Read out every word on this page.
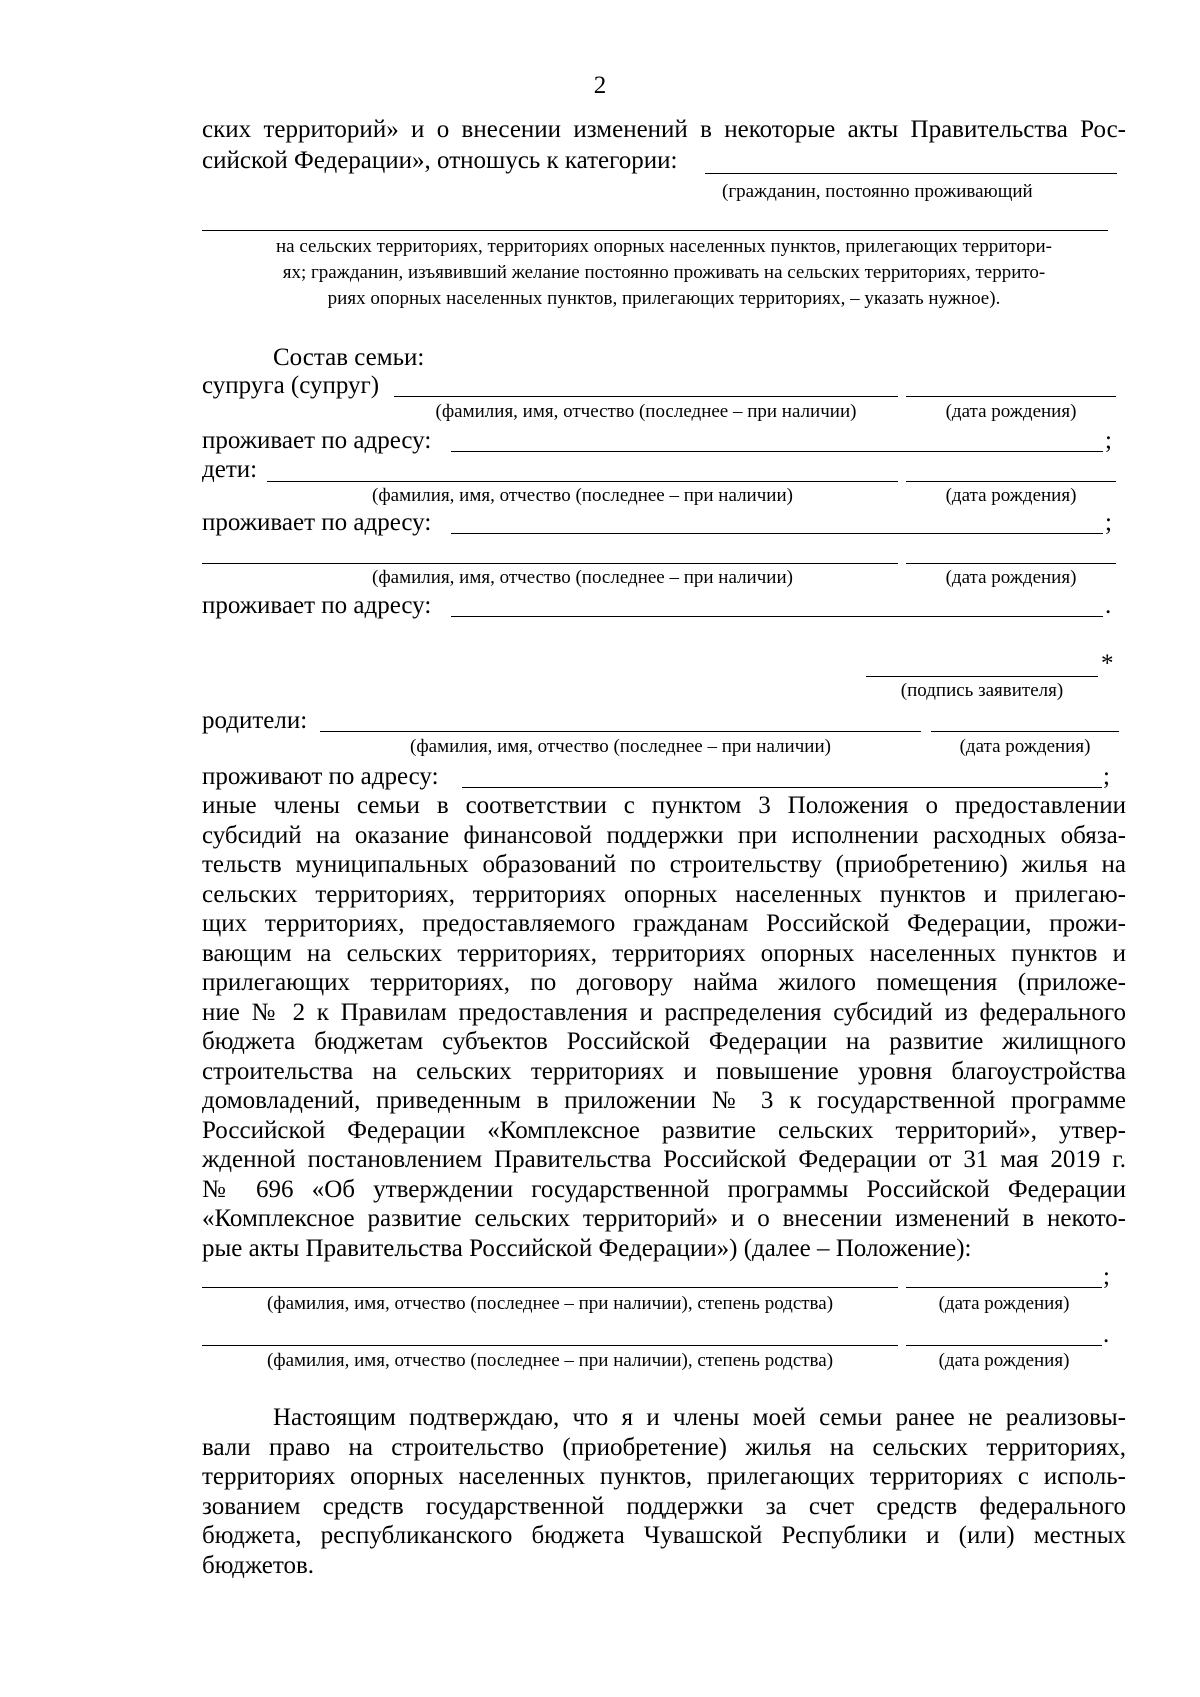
2
ских территорий» и о внесении изменений в некоторые акты Правительства Рос-
сийской Федерации», отношусь к категории:
(гражданин, постоянно проживающий
на сельских территориях, территориях опорных населенных пунктов, прилегающих территори-
ях; гражданин, изъявивший желание постоянно проживать на сельских территориях, террито-
риях опорных населенных пунктов, прилегающих территориях, – указать нужное).
Состав семьи:
супруга (супруг)
(фамилия, имя, отчество (последнее – при наличии)	(дата рождения)
проживает по адресу:	;
дети:
(фамилия, имя, отчество (последнее – при наличии)	(дата рождения)
проживает по адресу:	;
(фамилия, имя, отчество (последнее – при наличии)	(дата рождения)
проживает по адресу:	.
*
(подпись заявителя)
родители:
(фамилия, имя, отчество (последнее – при наличии)	(дата рождения)
проживают по адресу:	;
иные члены семьи в соответствии с пунктом 3 Положения о предоставлении
субсидий на оказание финансовой поддержки при исполнении расходных обяза-
тельств муниципальных образований по строительству (приобретению) жилья на
сельских территориях, территориях опорных населенных пунктов и прилегаю-
щих территориях, предоставляемого гражданам Российской Федерации, прожи-
вающим на сельских территориях, территориях опорных населенных пунктов и
прилегающих территориях, по договору найма жилого помещения (приложе-
ние № 2 к Правилам предоставления и распределения субсидий из федерального
бюджета бюджетам субъектов Российской Федерации на развитие жилищного
строительства на сельских территориях и повышение уровня благоустройства
домовладений, приведенным в приложении № 3 к государственной программе
Российской Федерации «Комплексное развитие сельских территорий», утвер-
жденной постановлением Правительства Российской Федерации от 31 мая 2019 г.
№ 696 «Об утверждении государственной программы Российской Федерации
«Комплексное развитие сельских территорий» и о внесении изменений в некото-
рые акты Правительства Российской Федерации») (далее – Положение):
;
(фамилия, имя, отчество (последнее – при наличии), степень родства)	(дата рождения)
.
(фамилия, имя, отчество (последнее – при наличии), степень родства)	(дата рождения)
Настоящим подтверждаю, что я и члены моей семьи ранее не реализовы-
вали право на строительство (приобретение) жилья на сельских территориях,
территориях опорных населенных пунктов, прилегающих территориях с исполь-
зованием средств государственной поддержки за счет средств федерального
бюджета, республиканского бюджета Чувашской Республики и (или) местных
бюджетов.
